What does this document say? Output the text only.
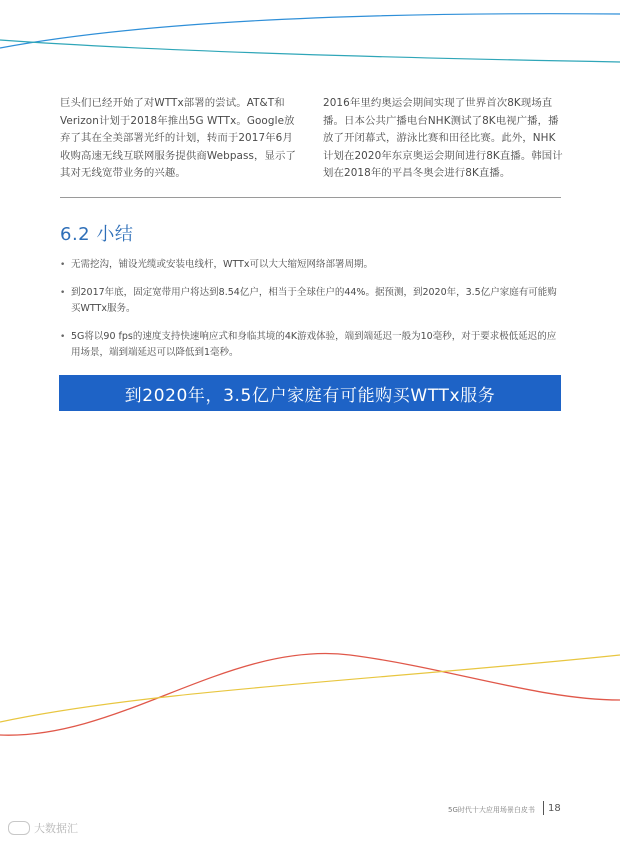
巨头们已经开始了对WTTx部署的尝试。AT&T和Verizon计划于2018年推出5G WTTx。Google放弃了其在全美部署光纤的计划，转而于2017年6月收购高速无线互联网服务提供商Webpass，显示了其对无线宽带业务的兴趣。
2016年里约奥运会期间实现了世界首次8K现场直播。日本公共广播电台NHK测试了8K电视广播，播放了开闭幕式，游泳比赛和田径比赛。此外，NHK计划在2020年东京奥运会期间进行8K直播。韩国计划在2018年的平昌冬奥会进行8K直播。
6.2 小结
• 无需挖沟，铺设光缆或安装电线杆，WTTx可以大大缩短网络部署周期。
• 到2017年底，固定宽带用户将达到8.54亿户，相当于全球住户的44%。据预测，到2020年，3.5亿户家庭有可能购买WTTx服务。
• 5G将以90 fps的速度支持快速响应式和身临其境的4K游戏体验，端到端延迟一般为10毫秒，对于要求极低延迟的应用场景，端到端延迟可以降低到1毫秒。
到2020年，3.5亿户家庭有可能购买WTTx服务
5G时代十大应用场景白皮书 18
大数据汇
